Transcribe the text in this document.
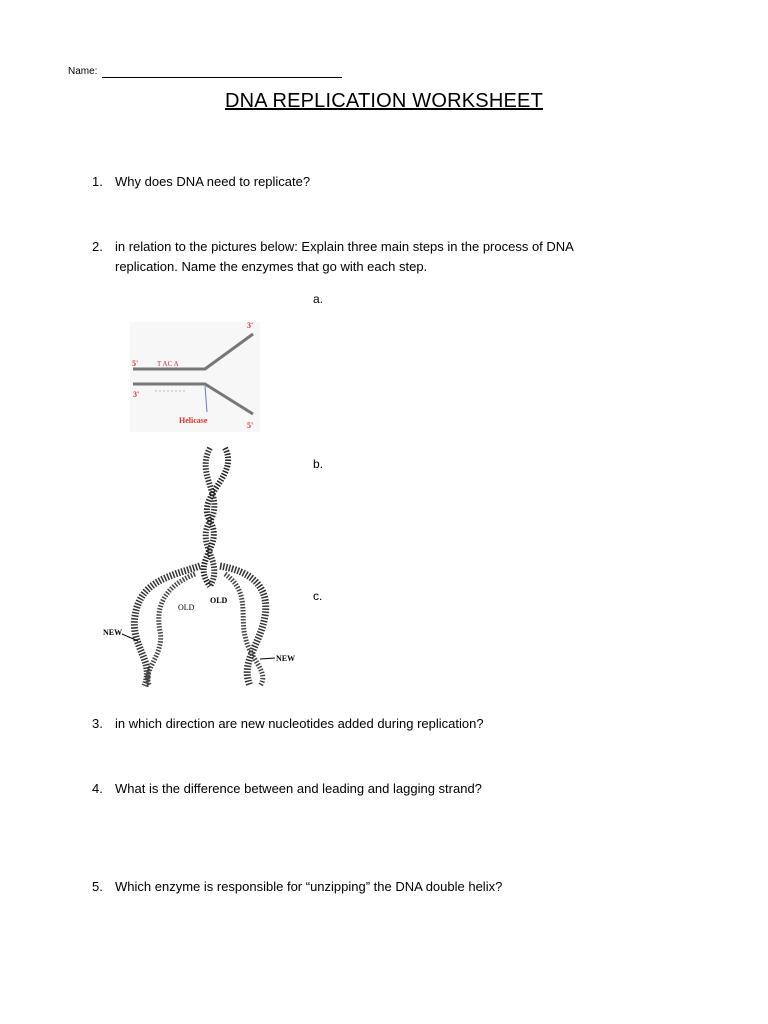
Name:
DNA REPLICATION WORKSHEET
1. Why does DNA need to replicate?
2. in relation to the pictures below: Explain three main steps in the process of DNA replication. Name the enzymes that go with each step.
a.
b.
c.
3'
5'	T AC A
3'
Helicase
5'
OLD
OLD
NEW
NEW
3. in which direction are new nucleotides added during replication?
4. What is the difference between and leading and lagging strand?
5. Which enzyme is responsible for “unzipping” the DNA double helix?
